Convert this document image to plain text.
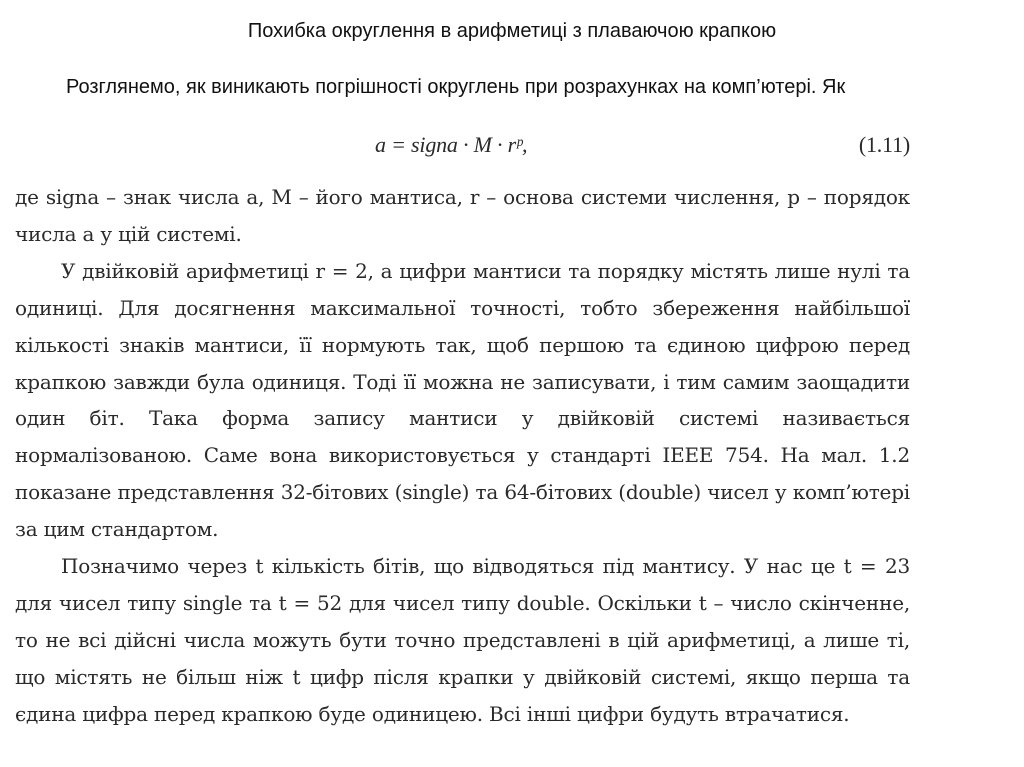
Похибка округлення в арифметиці з плаваючою крапкою

Розглянемо, як виникають погрішності округлень при розрахунках на комп’ютері. Як

a = signa · M · rᵖ,	(1.11)

де signa – знак числа a, M – його мантиса, r – основа системи числення, p – порядок числа a у цій системі.

У двійковій арифметиці r = 2, а цифри мантиси та порядку містять лише нулі та одиниці. Для досягнення максимальної точності, тобто збереження найбільшої кількості знаків мантиси, її нормують так, щоб першою та єдиною цифрою перед крапкою завжди була одиниця. Тоді її можна не записувати, і тим самим заощадити один біт. Така форма запису мантиси у двійковій системі називається нормалізованою. Саме вона використовується у стандарті IEEE 754. На мал. 1.2 показане представлення 32-бітових (single) та 64-бітових (double) чисел у комп’ютері за цим стандартом.

Позначимо через t кількість бітів, що відводяться під мантису. У нас це t = 23 для чисел типу single та t = 52 для чисел типу double. Оскільки t – число скінченне, то не всі дійсні числа можуть бути точно представлені в цій арифметиці, а лише ті, що містять не більш ніж t цифр після крапки у двійковій системі, якщо перша та єдина цифра перед крапкою буде одиницею. Всі інші цифри будуть втрачатися.
